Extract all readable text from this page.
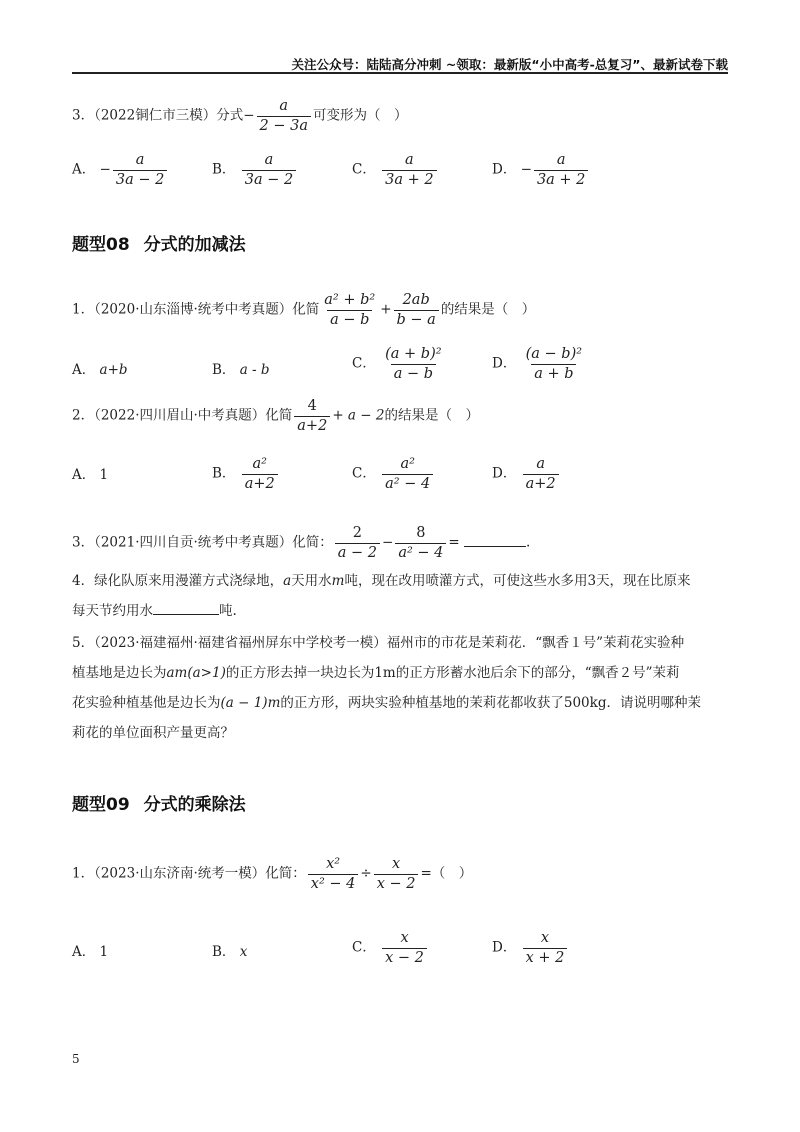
关注公众号：陆陆高分冲刺 ~领取：最新版“小中高考-总复习”、最新试卷下载
3．（2022铜仁市三模）分式− $\frac{a}{2 - 3a}$ 可变形为（　）
A． − $\frac{a}{3a - 2}$	B． $\frac{a}{3a - 2}$	C． $\frac{a}{3a + 2}$	D． − $\frac{a}{3a + 2}$
题型08 分式的加减法
1．（2020·山东淄博·统考中考真题）化简 $\frac{\text{a² + b²}}{a - b} + \frac{2ab}{b - a}$ 的结果是（　）
A． a+b	B． a - b	C． $\frac{\text{(a + b)²}}{a - b}$	D． $\frac{\text{(a − b)²}}{a + b}$
2．（2022·四川眉山·中考真题）化简 $\frac{4}{a+2} + a - 2$的结果是（　）
A． 1	B． $\frac{\text{a²}}{a+2}$	C． $\frac{\text{a²}}{\text{a² − 4}}$	D． $\frac{a}{a+2}$
3．（2021·四川自贡·统考中考真题）化简： $\frac{2}{a - 2} - \frac{8}{\text{a² − 4}}$ =	.
4．绿化队原来用漫灌方式浇绿地，a天用水m吨，现在改用喷灌方式，可使这些水多用3天，现在比原来
每天节约用水	吨.
5．（2023·福建福州·福建省福州屏东中学校考一模）福州市的市花是茉莉花．“飘香１号”茉莉花实验种
植基地是边长为am(a>1)的正方形去掉一块边长为1m的正方形蓄水池后余下的部分，“飘香２号”茉莉
花实验种植基他是边长为(a − 1)m的正方形，两块实验种植基地的茉莉花都收获了500kg．请说明哪种茉
莉花的单位面积产量更高？
题型09 分式的乘除法
1．（2023·山东济南·统考一模）化简： $\frac{\text{x²}}{\text{x² − 4}} \div \frac{x}{x - 2}$ =（　）
A． 1	B． x	C． $\frac{x}{x - 2}$	D． $\frac{x}{x + 2}$
5
